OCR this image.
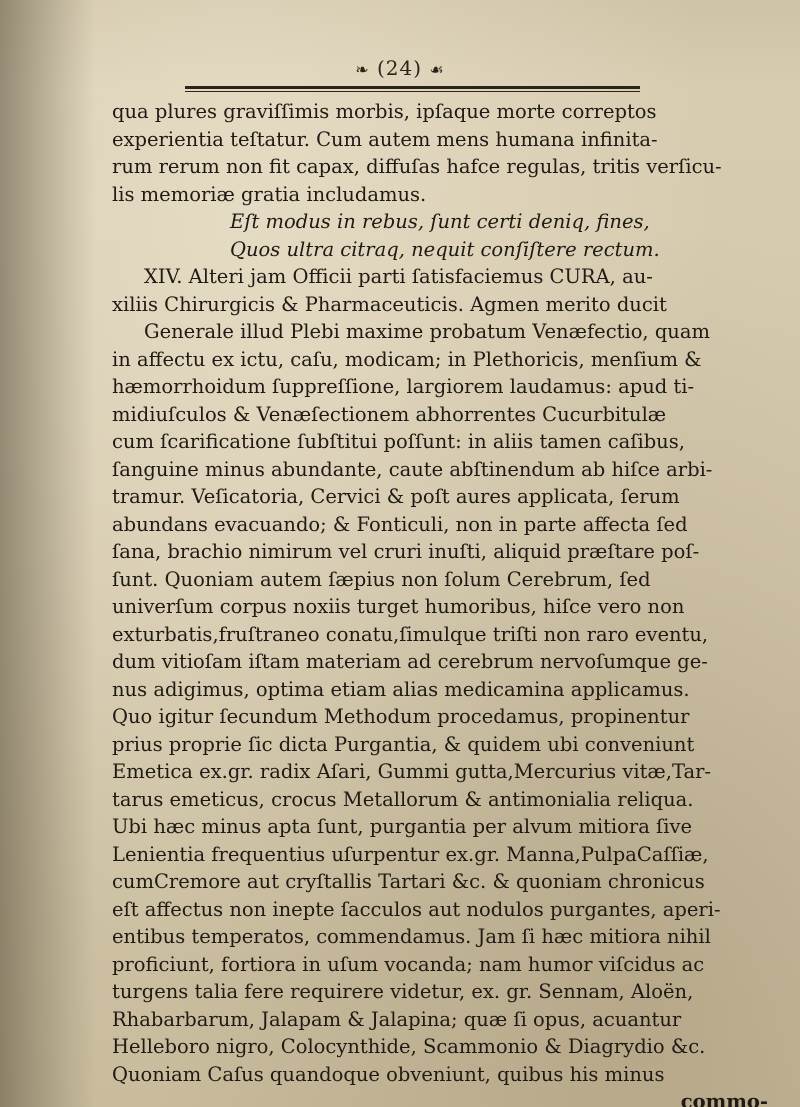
❧ (24) ☙
qua plures graviſſimis morbis, ipſaque morte correptos
experientia teſtatur. Cum autem mens humana infinita-
rum rerum non fit capax, diffuſas hafce regulas, tritis verſicu-
lis memoriæ gratia includamus.
Eſt modus in rebus, ſunt certi deniq, fines,
Quos ultra citraq, nequit conſiſtere rectum.
XIV. Alteri jam Officii parti ſatisfaciemus CURA, au-
xiliis Chirurgicis & Pharmaceuticis. Agmen merito ducit
Generale illud Plebi maxime probatum Venæfectio, quam
in affectu ex ictu, caſu, modicam; in Plethoricis, menſium &
hæmorrhoidum ſuppreſſione, largiorem laudamus: apud ti-
midiuſculos & Venæſectionem abhorrentes Cucurbitulæ
cum ſcarificatione ſubſtitui poſſunt: in aliis tamen caſibus,
ſanguine minus abundante, caute abſtinendum ab hiſce arbi-
tramur. Veſicatoria, Cervici & poſt aures applicata, ſerum
abundans evacuando; & Fonticuli, non in parte affecta ſed
ſana, brachio nimirum vel cruri inuſti, aliquid præſtare poſ-
ſunt. Quoniam autem ſæpius non ſolum Cerebrum, ſed
univerſum corpus noxiis turget humoribus, hiſce vero non
exturbatis,fruſtraneo conatu,ſimulque triſti non raro eventu,
dum vitioſam iſtam materiam ad cerebrum nervoſumque ge-
nus adigimus, optima etiam alias medicamina applicamus.
Quo igitur ſecundum Methodum procedamus, propinentur
prius proprie ſic dicta Purgantia, & quidem ubi conveniunt
Emetica ex.gr. radix Aſari, Gummi gutta,Mercurius vitæ,Tar-
tarus emeticus, crocus Metallorum & antimonialia reliqua.
Ubi hæc minus apta ſunt, purgantia per alvum mitiora ſive
Lenientia frequentius uſurpentur ex.gr. Manna,PulpaCaſſiæ,
cumCremore aut cryſtallis Tartari &c. & quoniam chronicus
eſt affectus non inepte ſacculos aut nodulos purgantes, aperi-
entibus temperatos, commendamus. Jam ſi hæc mitiora nihil
proficiunt, fortiora in uſum vocanda; nam humor viſcidus ac
turgens talia fere requirere videtur, ex. gr. Sennam, Aloën,
Rhabarbarum, Jalapam & Jalapina; quæ ſi opus, acuantur
Helleboro nigro, Colocynthide, Scammonio & Diagrydio &c.
Quoniam Caſus quandoque obveniunt, quibus his minus
commo-
